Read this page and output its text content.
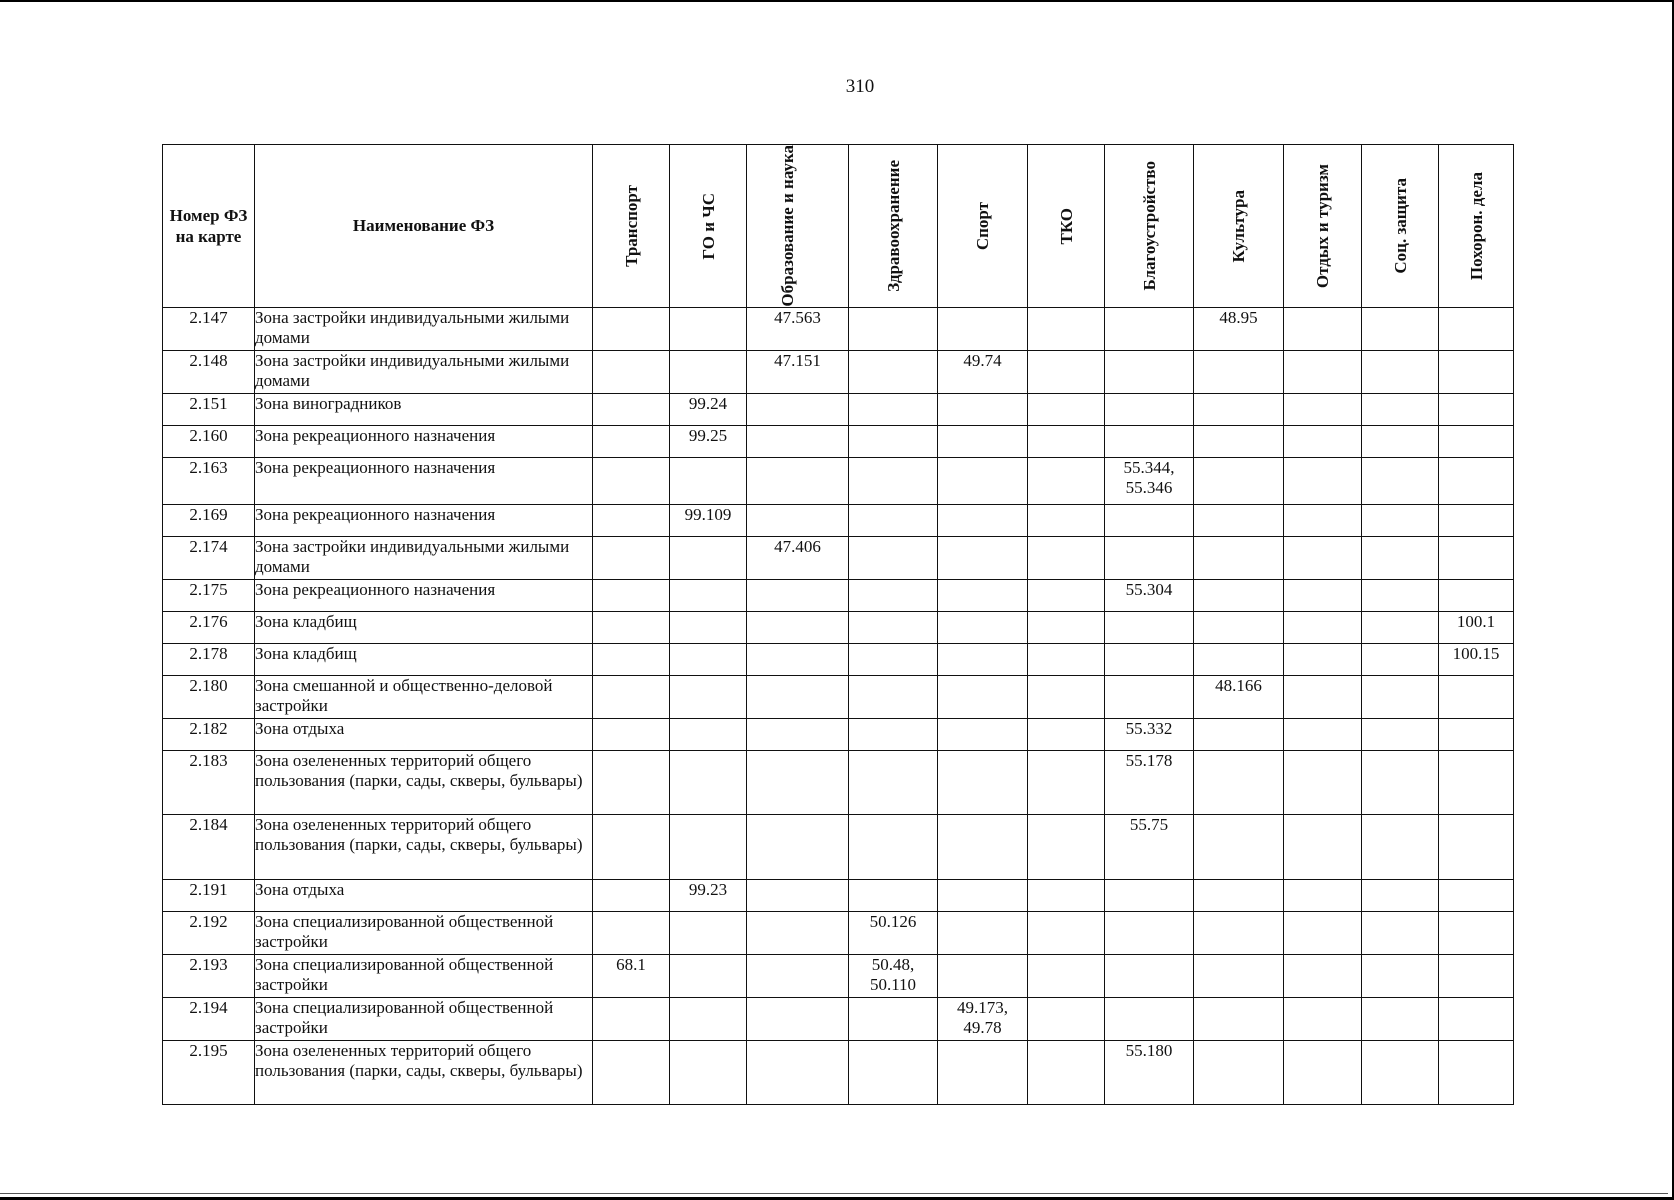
310
Номер ФЗ на карте	Наименование ФЗ	Транспорт	ГО и ЧС	Образование и наука	Здравоохранение	Спорт	ТКО	Благоустройство	Культура	Отдых и туризм	Соц. защита	Похорон. дела

2.147	Зона застройки индивидуальными жилыми домами			47.563					48.95			
2.148	Зона застройки индивидуальными жилыми домами			47.151		49.74						
2.151	Зона виноградников		99.24									
2.160	Зона рекреационного назначения		99.25									
2.163	Зона рекреационного назначения							55.344, 55.346				
2.169	Зона рекреационного назначения		99.109									
2.174	Зона застройки индивидуальными жилыми домами			47.406								
2.175	Зона рекреационного назначения							55.304				
2.176	Зона кладбищ											100.1
2.178	Зона кладбищ											100.15
2.180	Зона смешанной и общественно-деловой застройки								48.166			
2.182	Зона отдыха							55.332				
2.183	Зона озелененных территорий общего пользования (парки, сады, скверы, бульвары)							55.178				
2.184	Зона озелененных территорий общего пользования (парки, сады, скверы, бульвары)							55.75				
2.191	Зона отдыха		99.23									
2.192	Зона специализированной общественной застройки				50.126							
2.193	Зона специализированной общественной застройки	68.1			50.48, 50.110							
2.194	Зона специализированной общественной застройки					49.173, 49.78						
2.195	Зона озелененных территорий общего пользования (парки, сады, скверы, бульвары)							55.180				
